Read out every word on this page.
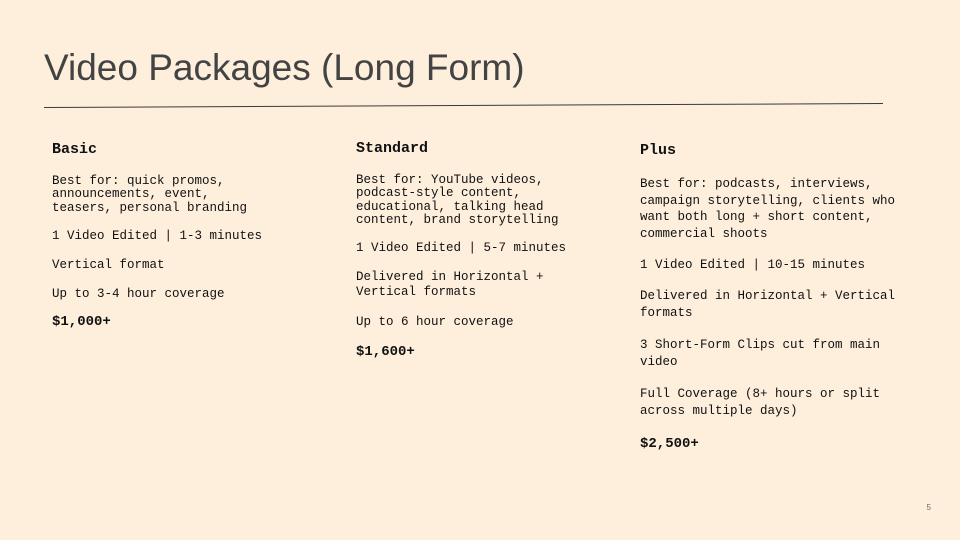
Video Packages (Long Form)
Basic

Best for: quick promos, announcements, event, teasers, personal branding

1 Video Edited | 1-3 minutes

Vertical format

Up to 3-4 hour coverage

$1,000+

Standard

Best for: YouTube videos, podcast-style content, educational, talking head content, brand storytelling

1 Video Edited | 5-7 minutes

Delivered in Horizontal + Vertical formats

Up to 6 hour coverage

$1,600+

Plus

Best for: podcasts, interviews, campaign storytelling, clients who want both long + short content, commercial shoots

1 Video Edited | 10-15 minutes

Delivered in Horizontal + Vertical formats

3 Short-Form Clips cut from main video

Full Coverage (8+ hours or split across multiple days)

$2,500+

5
